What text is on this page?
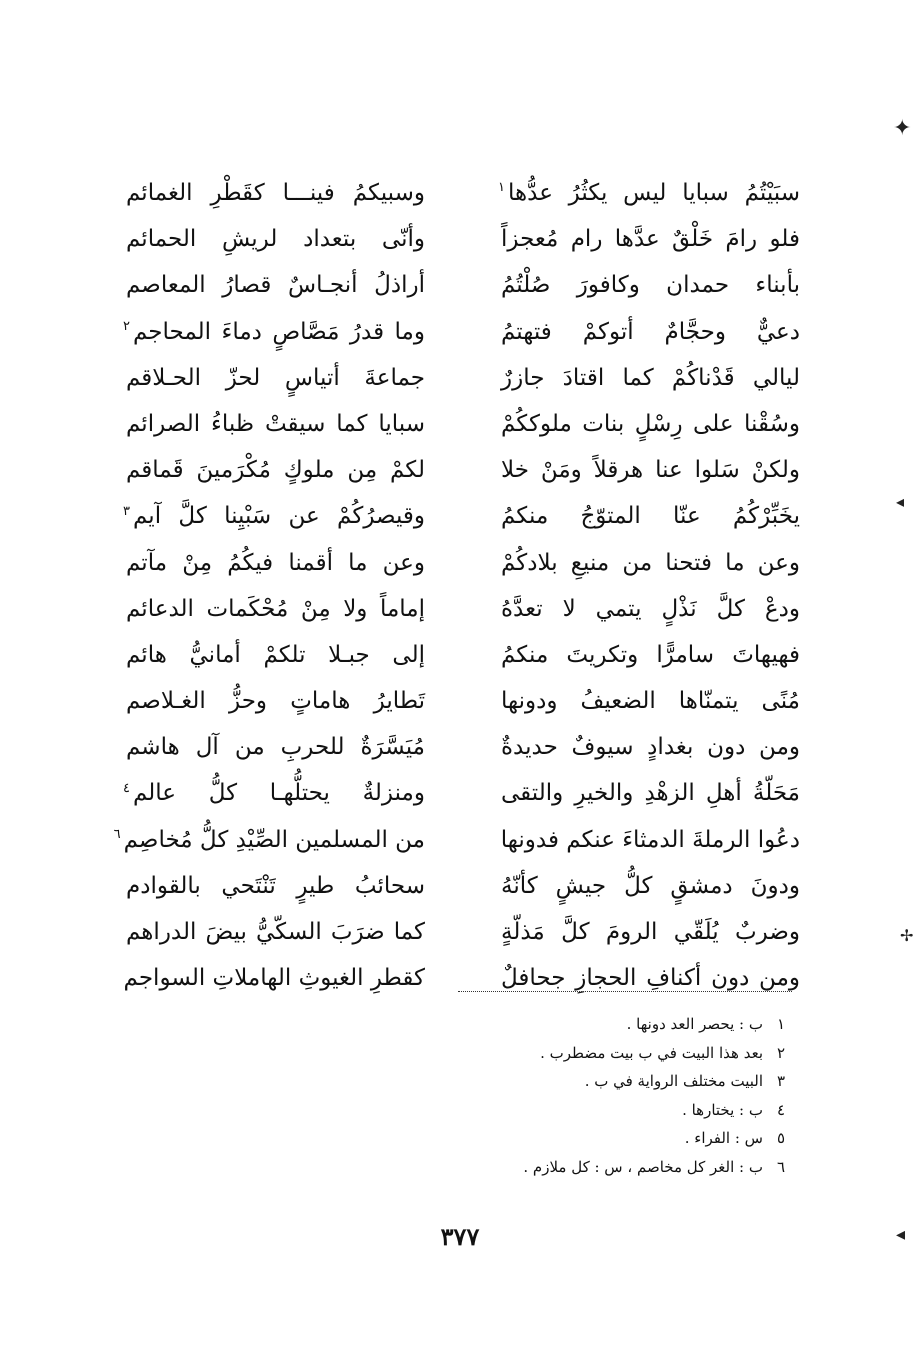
سبَيْتُمُ سبايا ليس يكثُرُ عدُّها$^١$
وسبيكمُ فينـــا كقَطْرِ الغمائم
فلو رامَ خَلْقٌ عدَّها رام مُعجزاً
وأنّى بتعداد لريشِ الحمائم
بأبناء حمدان وكافورَ صُلْتُمُ
أراذلُ أنجـاسٌ قصارُ المعاصم
دعيٌّ وحجَّامٌ أتوكمْ فتهتمُ
وما قدرُ مَصَّاصٍ دماءَ المحاجم$^٢$
ليالي قَدْناكُمْ كما اقتادَ جازرٌ
جماعةَ أتياسٍ لحزّ الحـلاقم
وسُقْنا على رِسْلٍ بنات ملوككُمْ
سبايا كما سيقتْ ظباءُ الصرائم
ولكنْ سَلوا عنا هرقلاً ومَنْ خلا
لكمْ مِن ملوكٍ مُكْرَمينَ قَماقم
يخَبِّرْكُمُ عنّا المتوّجُ منكمُ
وقيصرُكُمْ عن سَبْيِنا كلَّ آيم$^٣$
وعن ما فتحنا من منيعِ بلادكُمْ
وعن ما أقمنا فيكُمُ مِنْ مآتم
ودعْ كلَّ نَذْلٍ يتمي لا تعدَّهُ
إماماً ولا مِنْ مُحْكَمات الدعائم
فهيهاتَ سامرًّا وتكريتَ منكمُ
إلى جبـلا تلكمْ أمانيُّ هائم
مُنًى يتمنّاها الضعيفُ ودونها
تَطايرُ هاماتٍ وحزُّ الغـلاصم
ومن دون بغدادٍ سيوفٌ حديدةٌ
مُيَسَّرَةٌ للحربِ من آل هاشم
مَحَلّةُ أهلِ الزهْدِ والخيرِ والتقى
ومنزلةٌ يحتلُّهـا كلُّ عالم$^٤$
دعُوا الرملةَ الدمثاءَ عنكم فدونها
من المسلمين الصِّيْدِ كلُّ مُخاصِم$^٦$
ودونَ دمشقٍ كلُّ جيشٍ كأنّهُ
سحائبُ طيرٍ تَنْتَحي بالقوادم
وضربٌ يُلَقّي الرومَ كلَّ مَذلّةٍ
كما ضرَبَ السكّيُّ بيضَ الدراهم
ومن دون أكنافِ الحجازِ جحافلٌ
كقطرِ الغيوثِ الهاملاتِ السواجم
١ب : يحصر العد دونها .
٢بعد هذا البيت في ب بيت مضطرب .
٣البيت مختلف الرواية في ب .
٤ب : يختارها .
٥س : الفراء .
٦ب : الغر كل مخاصم ، س : كل ملازم .
٣٧٧
✦
◂
✢
◂
